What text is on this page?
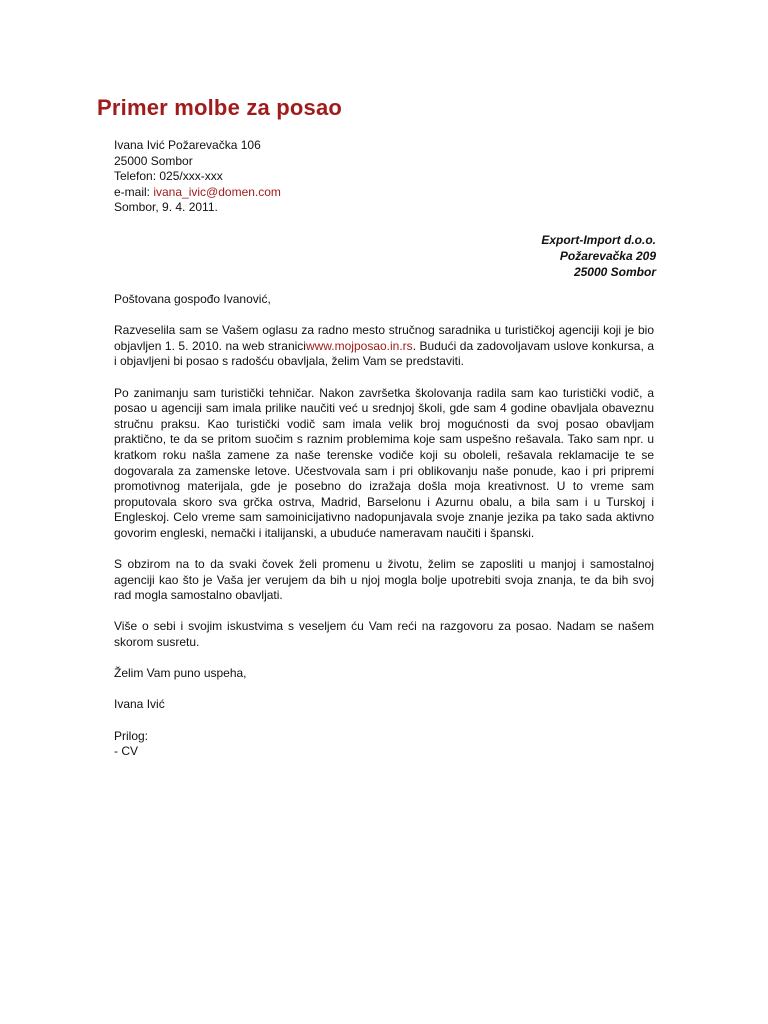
Primer molbe za posao
Ivana Ivić Požarevačka 106
25000 Sombor
Telefon: 025/xxx-xxx
e-mail: ivana_ivic@domen.com
Sombor, 9. 4. 2011.
Export-Import d.o.o.
Požarevačka 209
25000 Sombor

Poštovana gospođo Ivanović,

Razveselila sam se Vašem oglasu za radno mesto stručnog saradnika u turističkoj agenciji koji je bio objavljen 1. 5. 2010. na web straniciwww.mojposao.in.rs. Budući da zadovoljavam uslove konkursa, a i objavljeni bi posao s radošću obavljala, želim Vam se predstaviti.

Po zanimanju sam turistički tehničar. Nakon završetka školovanja radila sam kao turistički vodič, a posao u agenciji sam imala prilike naučiti već u srednjoj školi, gde sam 4 godine obavljala obaveznu stručnu praksu. Kao turistički vodič sam imala velik broj mogućnosti da svoj posao obavljam praktično, te da se pritom suočim s raznim problemima koje sam uspešno rešavala. Tako sam npr. u kratkom roku našla zamene za naše terenske vodiče koji su oboleli, rešavala reklamacije te se dogovarala za zamenske letove. Učestvovala sam i pri oblikovanju naše ponude, kao i pri pripremi promotivnog materijala, gde je posebno do izražaja došla moja kreativnost. U to vreme sam proputovala skoro sva grčka ostrva, Madrid, Barselonu i Azurnu obalu, a bila sam i u Turskoj i Engleskoj. Celo vreme sam samoinicijativno nadopunjavala svoje znanje jezika pa tako sada aktivno govorim engleski, nemački i italijanski, a ubuduće nameravam naučiti i španski.

S obzirom na to da svaki čovek želi promenu u životu, želim se zaposliti u manjoj i samostalnoj agenciji kao što je Vaša jer verujem da bih u njoj mogla bolje upotrebiti svoja znanja, te da bih svoj rad mogla samostalno obavljati.

Više o sebi i svojim iskustvima s veseljem ću Vam reći na razgovoru za posao. Nadam se našem skorom susretu.

Želim Vam puno uspeha,

Ivana Ivić

Prilog:

- CV
